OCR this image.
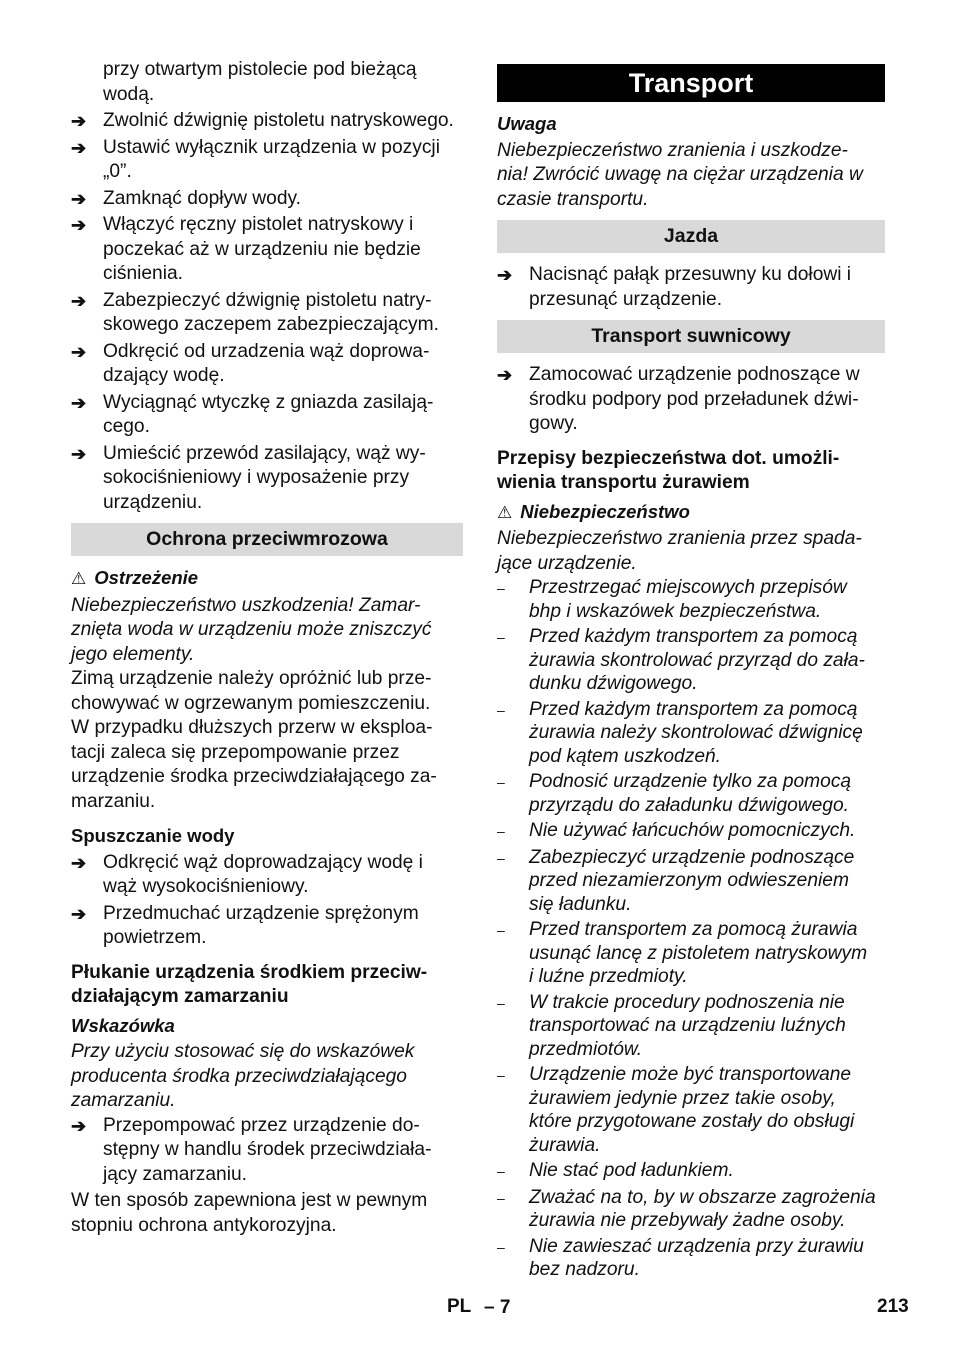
przy otwartym pistolecie pod bieżącą

wodą.

➔ Zwolnić dźwignię pistoletu natryskowego.

➔ Ustawić wyłącznik urządzenia w pozycji

„0”.

➔ Zamknąć dopływ wody.

➔ Włączyć ręczny pistolet natryskowy i

poczekać aż w urządzeniu nie będzie

ciśnienia.

➔ Zabezpieczyć dźwignię pistoletu natry-

skowego zaczepem zabezpieczającym.

➔ Odkręcić od urzadzenia wąż doprowa-

dzający wodę.

➔ Wyciągnąć wtyczkę z gniazda zasilają-

cego.

➔ Umieścić przewód zasilający, wąż wy-

sokociśnieniowy i wyposażenie przy

urządzeniu.

Ochrona przeciwmrozowa
⚠ Ostrzeżenie

Niebezpieczeństwo uszkodzenia! Zamar-

znięta woda w urządzeniu może zniszczyć

jego elementy.

Zimą urządzenie należy opróżnić lub prze-

chowywać w ogrzewanym pomieszczeniu.

W przypadku dłuższych przerw w eksploa-

tacji zaleca się przepompowanie przez

urządzenie środka przeciwdziałającego za-

marzaniu.

Spuszczanie wody
➔ Odkręcić wąż doprowadzający wodę i

wąż wysokociśnieniowy.

➔ Przedmuchać urządzenie sprężonym

powietrzem.

Płukanie urządzenia środkiem przeciw-

działającym zamarzaniu

Wskazówka

Przy użyciu stosować się do wskazówek

producenta środka przeciwdziałającego

zamarzaniu.

➔ Przepompować przez urządzenie do-

stępny w handlu środek przeciwdziała-

jący zamarzaniu.

W ten sposób zapewniona jest w pewnym

stopniu ochrona antykorozyjna.

Transport
Uwaga

Niebezpieczeństwo zranienia i uszkodze-

nia! Zwrócić uwagę na ciężar urządzenia w

czasie transportu.

Jazda
➔ Nacisnąć pałąk przesuwny ku dołowi i

przesunąć urządzenie.

Transport suwnicowy
➔ Zamocować urządzenie podnoszące w

środku podpory pod przeładunek dźwi-

gowy.

Przepisy bezpieczeństwa dot. umożli-

wienia transportu żurawiem

⚠ Niebezpieczeństwo

Niebezpieczeństwo zranienia przez spada-

jące urządzenie.

–	Przestrzegać miejscowych przepisów
bhp i wskazówek bezpieczeństwa.
–	Przed każdym transportem za pomocą
żurawia skontrolować przyrząd do zała-
dunku dźwigowego.
–	Przed każdym transportem za pomocą
żurawia należy skontrolować dźwignicę
pod kątem uszkodzeń.
–	Podnosić urządzenie tylko za pomocą
przyrządu do załadunku dźwigowego.
–	Nie używać łańcuchów pomocniczych.
–	Zabezpieczyć urządzenie podnoszące
przed niezamierzonym odwieszeniem
się ładunku.
–	Przed transportem za pomocą żurawia
usunąć lancę z pistoletem natryskowym
i luźne przedmioty.
–	W trakcie procedury podnoszenia nie
transportować na urządzeniu luźnych
przedmiotów.
–	Urządzenie może być transportowane
żurawiem jedynie przez takie osoby,
które przygotowane zostały do obsługi
żurawia.
–	Nie stać pod ładunkiem.
–	Zważać na to, by w obszarze zagrożenia
żurawia nie przebywały żadne osoby.
–	Nie zawieszać urządzenia przy żurawiu
bez nadzoru.
PL – 7	213
